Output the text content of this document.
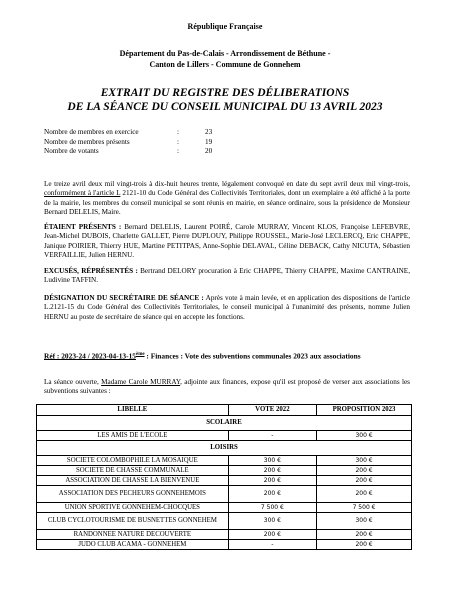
République Française
Département du Pas-de-Calais - Arrondissement de Béthune -
Canton de Lillers - Commune de Gonnehem
EXTRAIT DU REGISTRE DES DÉLIBERATIONS
DE LA SÉANCE DU CONSEIL MUNICIPAL DU 13 AVRIL 2023
Nombre de membres en exercice	:	23
Nombre de membres présents	:	19
Nombre de votants	:	20
Le treize avril deux mil vingt-trois à dix-huit heures trente, légalement convoqué en date du sept avril deux mil vingt-trois, conformément à l'article L 2121-10 du Code Général des Collectivités Territoriales, dont un exemplaire a été affiché à la porte de la mairie, les membres du conseil municipal se sont réunis en mairie, en séance ordinaire, sous la présidence de Monsieur Bernard DELELIS, Maire.
ÉTAIENT PRÉSENTS : Bernard DELELIS, Laurent POIRÉ, Carole MURRAY, Vincent KLOS, Françoise LEFEBVRE, Jean-Michel DUBOIS, Charlette GALLET, Pierre DUPLOUY, Philippe ROUSSEL, Marie-José LECLERCQ, Eric CHAPPE, Janique POIRIER, Thierry HUE, Martine PETITPAS, Anne-Sophie DELAVAL, Céline DEBACK, Cathy NICUTA, Sébastien VERFAILLIE, Julien HERNU.
EXCUSÉS, RÉPRÉSENTÉS : Bertrand DELORY procuration à Eric CHAPPE, Thierry CHAPPE, Maxime CANTRAINE, Ludivine TAFFIN.
DÉSIGNATION DU SECRÉTAIRE DE SÉANCE : Après vote à main levée, et en application des dispositions de l'article L.2121-15 du Code Général des Collectivités Territoriales, le conseil municipal à l'unanimité des présents, nomme Julien HERNU au poste de secrétaire de séance qui en accepte les fonctions.
Réf : 2023-24 / 2023-04-13-15ème : Finances : Vote des subventions communales 2023 aux associations
La séance ouverte, Madame Carole MURRAY, adjointe aux finances, expose qu'il est proposé de verser aux associations les subventions suivantes :
LIBELLE	VOTE 2022	PROPOSITION 2023
SCOLAIRE		
LES AMIS DE L'ECOLE	-	300 €
LOISIRS		
SOCIETE COLOMBOPHILE LA MOSAIQUE	300 €	300 €
SOCIETE DE CHASSE COMMUNALE	200 €	200 €
ASSOCIATION DE CHASSE LA BIENVENUE	200 €	200 €
ASSOCIATION DES PECHEURS GONNEHEMOIS	200 €	200 €
UNION SPORTIVE GONNEHEM-CHOCQUES	7 500 €	7 500 €
CLUB CYCLOTOURISME DE BUSNETTES GONNEHEM	300 €	300 €
RANDONNEE NATURE DECOUVERTE	200 €	200 €
JUDO CLUB ACAMA - GONNEHEM	-	200 €
